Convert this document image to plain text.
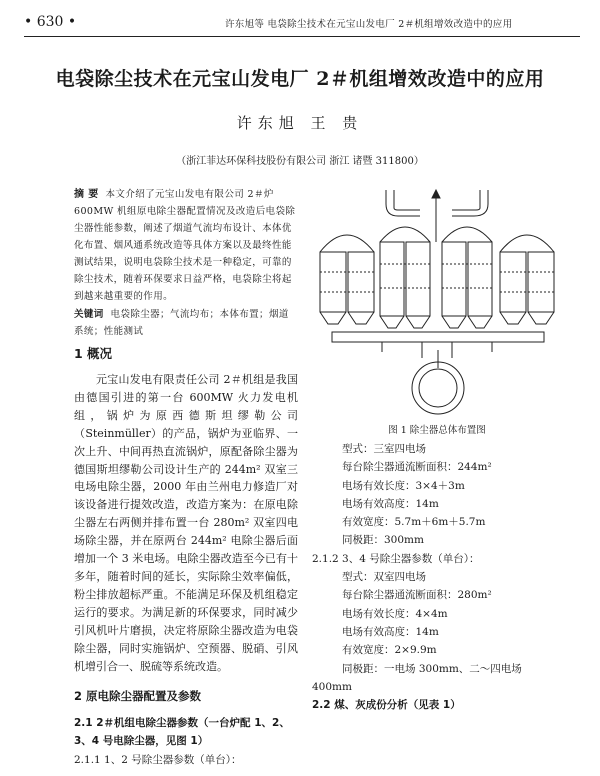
• 630 •	许东旭等 电袋除尘技术在元宝山发电厂 2＃机组增效改造中的应用
电袋除尘技术在元宝山发电厂 2＃机组增效改造中的应用
许东旭 王 贵
（浙江菲达环保科技股份有限公司 浙江 诸暨 311800）
摘 要 本文介绍了元宝山发电有限公司 2＃炉 600MW 机组原电除尘器配置情况及改造后电袋除尘器性能参数，阐述了烟道气流均布设计、本体优化布置、烟风通系统改造等具体方案以及最终性能测试结果，说明电袋除尘技术是一种稳定，可靠的除尘技术，随着环保要求日益严格，电袋除尘将起到越来越重要的作用。
关键词 电袋除尘器；气流均布；本体布置；烟道系统；性能测试
1 概况

元宝山发电有限责任公司 2＃机组是我国由德国引进的第一台 600MW 火力发电机组，锅炉为原西德斯坦缪勒公司（Steinmüller）的产品，锅炉为亚临界、一次上升、中间再热直流锅炉，原配备除尘器为德国斯坦缪勒公司设计生产的 244m² 双室三电场电除尘器，2000 年由兰州电力修造厂对该设备进行提效改造，改造方案为：在原电除尘器左右两侧并排布置一台 280m² 双室四电场除尘器，并在原两台 244m² 电除尘器后面增加一个 3 米电场。电除尘器改造至今已有十多年，随着时间的延长，实际除尘效率偏低，粉尘排放超标严重。不能满足环保及机组稳定运行的要求。为满足新的环保要求，同时减少引风机叶片磨损，决定将原除尘器改造为电袋除尘器，同时实施锅炉、空预器、脱硝、引风机增引合一、脱硫等系统改造。

2 原电除尘器配置及参数
2.1 2＃机组电除尘器参数（一台炉配 1、2、3、4 号电除尘器，见图 1）
2.1.1 1、2 号除尘器参数（单台）：
图 1 除尘器总体布置图
型式：三室四电场
每台除尘器通流断面积：244m²
电场有效长度：3×4＋3m
电场有效高度：14m
有效宽度：5.7m＋6m＋5.7m
同极距：300mm
2.1.2 3、4 号除尘器参数（单台）：
型式：双室四电场
每台除尘器通流断面积：280m²
电场有效长度：4×4m
电场有效高度：14m
有效宽度：2×9.9m
同极距：一电场 300mm、二～四电场
400mm
2.2 煤、灰成份分析（见表 1）
